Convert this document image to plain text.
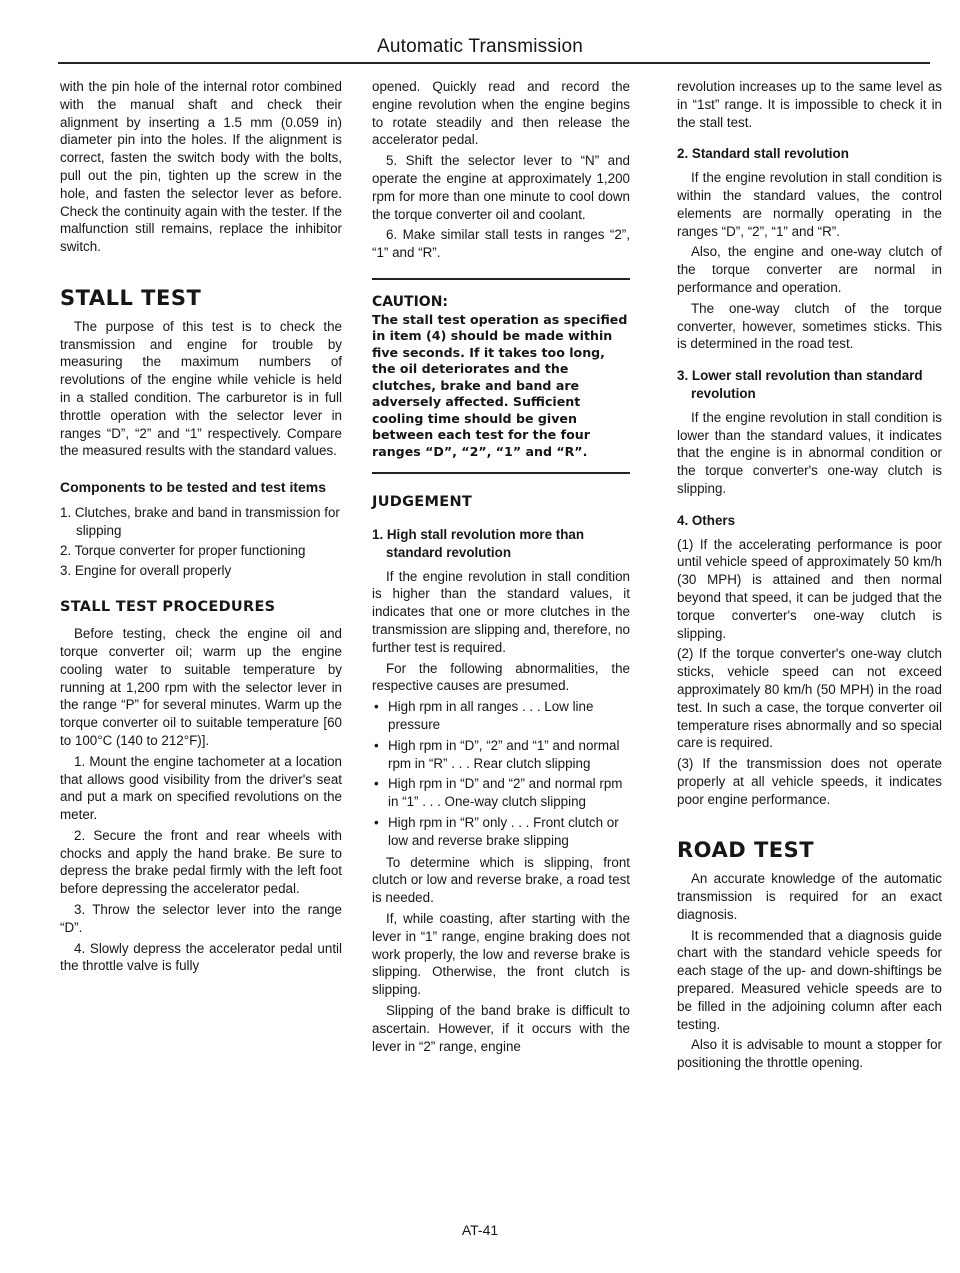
Automatic Transmission

with the pin hole of the internal rotor combined with the manual shaft and check their alignment by inserting a 1.5 mm (0.059 in) diameter pin into the holes. If the alignment is correct, fasten the switch body with the bolts, pull out the pin, tighten up the screw in the hole, and fasten the selector lever as before. Check the continuity again with the tester. If the malfunction still remains, replace the inhibitor switch.

STALL TEST

The purpose of this test is to check the transmission and engine for trouble by measuring the maximum numbers of revolutions of the engine while vehicle is held in a stalled condition. The carburetor is in full throttle operation with the selector lever in ranges “D”, “2” and “1” respectively. Compare the measured results with the standard values.

Components to be tested and test items
1. Clutches, brake and band in transmission for slipping
2. Torque converter for proper functioning
3. Engine for overall properly
STALL TEST PROCEDURES

Before testing, check the engine oil and torque converter oil; warm up the engine cooling water to suitable temperature by running at 1,200 rpm with the selector lever in the range “P” for several minutes. Warm up the torque converter oil to suitable temperature [60 to 100°C (140 to 212°F)].

1. Mount the engine tachometer at a location that allows good visibility from the driver's seat and put a mark on specified revolutions on the meter.

2. Secure the front and rear wheels with chocks and apply the hand brake. Be sure to depress the brake pedal firmly with the left foot before depressing the accelerator pedal.

3. Throw the selector lever into the range “D”.

4. Slowly depress the accelerator pedal until the throttle valve is fully

opened. Quickly read and record the engine revolution when the engine begins to rotate steadily and then release the accelerator pedal.

5. Shift the selector lever to “N” and operate the engine at approximately 1,200 rpm for more than one minute to cool down the torque converter oil and coolant.

6. Make similar stall tests in ranges “2”, “1” and “R”.

CAUTION:
The stall test operation as specified in item (4) should be made within five seconds. If it takes too long, the oil deteriorates and the clutches, brake and band are adversely affected. Sufficient cooling time should be given between each test for the four ranges “D”, “2”, “1” and “R”.
JUDGEMENT
1. High stall revolution more than standard revolution

If the engine revolution in stall condition is higher than the standard values, it indicates that one or more clutches in the transmission are slipping and, therefore, no further test is required.

For the following abnormalities, the respective causes are presumed.

• High rpm in all ranges . . . Low line pressure
• High rpm in “D”, “2” and “1” and normal rpm in “R” . . . Rear clutch slipping
• High rpm in “D” and “2” and normal rpm in “1” . . . One-way clutch slipping
• High rpm in “R” only . . . Front clutch or low and reverse brake slipping

To determine which is slipping, front clutch or low and reverse brake, a road test is needed.

If, while coasting, after starting with the lever in “1” range, engine braking does not work properly, the low and reverse brake is slipping. Otherwise, the front clutch is slipping.

Slipping of the band brake is difficult to ascertain. However, if it occurs with the lever in “2” range, engine

revolution increases up to the same level as in “1st” range. It is impossible to check it in the stall test.

2. Standard stall revolution

If the engine revolution in stall condition is within the standard values, the control elements are normally operating in the ranges “D”, “2”, “1” and “R”.

Also, the engine and one-way clutch of the torque converter are normal in performance and operation.

The one-way clutch of the torque converter, however, sometimes sticks. This is determined in the road test.

3. Lower stall revolution than standard revolution

If the engine revolution in stall condition is lower than the standard values, it indicates that the engine is in abnormal condition or the torque converter's one-way clutch is slipping.

4. Others

(1) If the accelerating performance is poor until vehicle speed of approximately 50 km/h (30 MPH) is attained and then normal beyond that speed, it can be judged that the torque converter's one-way clutch is slipping.

(2) If the torque converter's one-way clutch sticks, vehicle speed can not exceed approximately 80 km/h (50 MPH) in the road test. In such a case, the torque converter oil temperature rises abnormally and so special care is required.

(3) If the transmission does not operate properly at all vehicle speeds, it indicates poor engine performance.

ROAD TEST

An accurate knowledge of the automatic transmission is required for an exact diagnosis.

It is recommended that a diagnosis guide chart with the standard vehicle speeds for each stage of the up- and down-shiftings be prepared. Measured vehicle speeds are to be filled in the adjoining column after each testing.

Also it is advisable to mount a stopper for positioning the throttle opening.

AT-41
